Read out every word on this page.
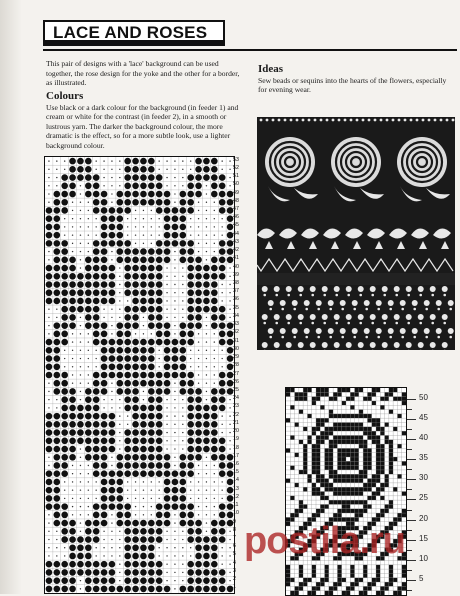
LACE AND ROSES
This pair of designs with a 'lace' background can be used together, the rose design for the yoke and the other for a border, as illustrated.
Colours
Use black or a dark colour for the background (in feeder 1) and cream or white for the contrast (in feeder 2), in a smooth or lustrous yarn. The darker the background colour, the more dramatic is the effect, so for a more subtle look, use a lighter background colour.
Ideas
Sew beads or sequins into the hearts of the flowers, especially for evening wear.
53
52
51
50
49
48
47
46
45
44
43
42
41
40
39
38
37
36
35
34
33
32
31
30
29
28
27
26
25
24
23
22
21
20
19
18
17
16
15
14
13
12
11
10
9
8
7
6
5
4
3
2
1
50
45
40
35
30
25
20
15
10
5
postila.ru
